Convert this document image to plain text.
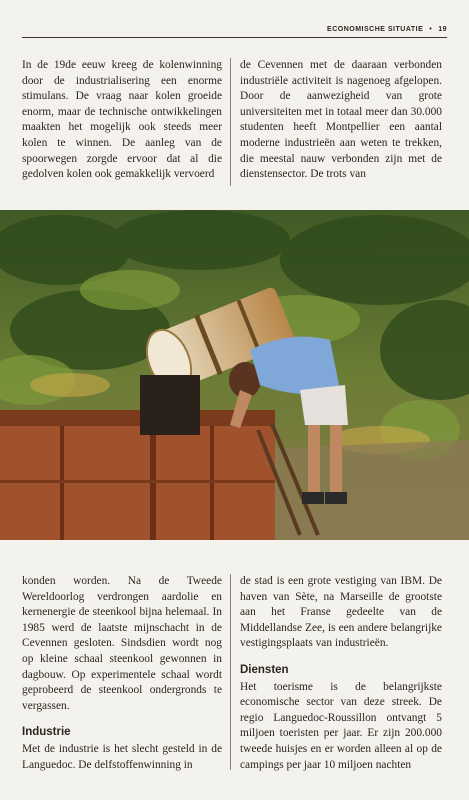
ECONOMISCHE SITUATIE • 19

In de 19de eeuw kreeg de kolenwinning door de industrialisering een enorme stimulans. De vraag naar kolen groeide enorm, maar de technische ontwikkelingen maakten het mogelijk ook steeds meer kolen te winnen. De aanleg van de spoorwegen zorgde ervoor dat al die gedolven kolen ook gemakkelijk vervoerd

de Cevennen met de daaraan verbonden industriële activiteit is nagenoeg afgelopen. Door de aanwezigheid van grote universiteiten met in totaal meer dan 30.000 studenten heeft Montpellier een aantal moderne industrieën aan weten te trekken, die meestal nauw verbonden zijn met de dienstensector. De trots van

konden worden. Na de Tweede Wereldoorlog verdrongen aardolie en kernenergie de steenkool bijna helemaal. In 1985 werd de laatste mijnschacht in de Cevennen gesloten. Sindsdien wordt nog op kleine schaal steenkool gewonnen in dagbouw. Op experimentele schaal wordt geprobeerd de steenkool ondergronds te vergassen.

Industrie

Met de industrie is het slecht gesteld in de Languedoc. De delfstoffenwinning in

de stad is een grote vestiging van IBM. De haven van Sète, na Marseille de grootste aan het Franse gedeelte van de Middellandse Zee, is een andere belangrijke vestigingsplaats van industrieën.

Diensten

Het toerisme is de belangrijkste economische sector van deze streek. De regio Languedoc-Roussillon ontvangt 5 miljoen toeristen per jaar. Er zijn 200.000 tweede huisjes en er worden alleen al op de campings per jaar 10 miljoen nachten
